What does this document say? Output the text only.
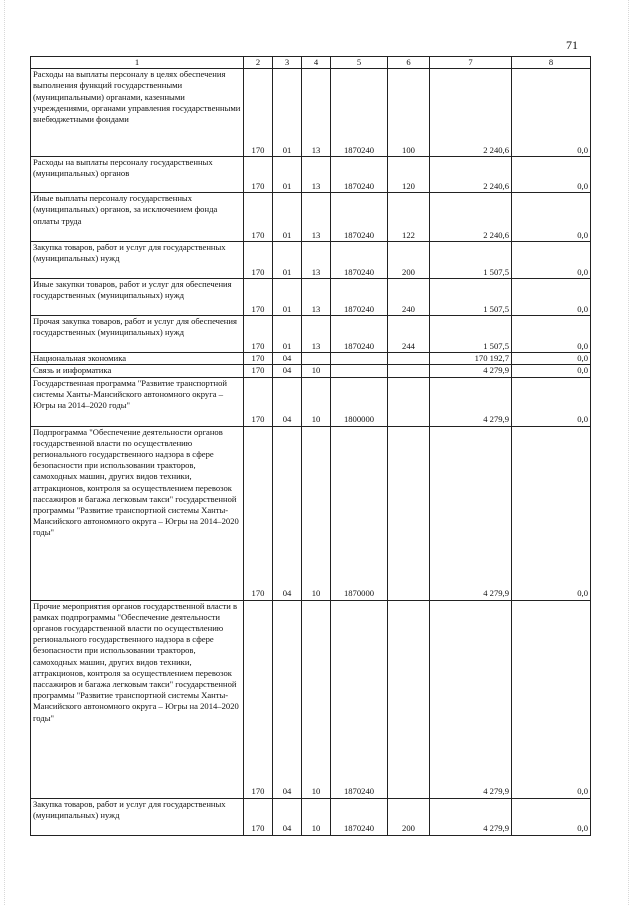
71
1	2	3	4	5	6	7	8
Расходы на выплаты персоналу в целях обеспечения выполнения функций государственными (муниципальными) органами, казенными учреждениями, органами управления государственными внебюджетными фондами	170	01	13	1870240	100	2 240,6	0,0
Расходы на выплаты персоналу государственных (муниципальных) органов	170	01	13	1870240	120	2 240,6	0,0
Иные выплаты персоналу государственных (муниципальных) органов, за исключением фонда оплаты труда	170	01	13	1870240	122	2 240,6	0,0
Закупка товаров, работ и услуг для государственных (муниципальных) нужд	170	01	13	1870240	200	1 507,5	0,0
Иные закупки товаров, работ и услуг для обеспечения государственных (муниципальных) нужд	170	01	13	1870240	240	1 507,5	0,0
Прочая закупка товаров, работ и услуг для обеспечения государственных (муниципальных) нужд	170	01	13	1870240	244	1 507,5	0,0
Национальная экономика	170	04				170 192,7	0,0
Связь и информатика	170	04	10			4 279,9	0,0
Государственная программа "Развитие транспортной системы Ханты-Мансийского автономного округа – Югры на 2014–2020 годы"	170	04	10	1800000		4 279,9	0,0
Подпрограмма "Обеспечение деятельности органов государственной власти по осуществлению регионального государственного надзора в сфере безопасности при использовании тракторов, самоходных машин, других видов техники, аттракционов, контроля за осуществлением перевозок пассажиров и багажа легковым такси" государственной программы "Развитие транспортной системы Ханты-Мансийского автономного округа – Югры на 2014–2020 годы"	170	04	10	1870000		4 279,9	0,0
Прочие мероприятия органов государственной власти в рамках подпрограммы "Обеспечение деятельности органов государственной власти по осуществлению регионального государственного надзора в сфере безопасности при использовании тракторов, самоходных машин, других видов техники, аттракционов, контроля за осуществлением перевозок пассажиров и багажа легковым такси" государственной программы "Развитие транспортной системы Ханты-Мансийского автономного округа – Югры на 2014–2020 годы"	170	04	10	1870240		4 279,9	0,0
Закупка товаров, работ и услуг для государственных (муниципальных) нужд	170	04	10	1870240	200	4 279,9	0,0
